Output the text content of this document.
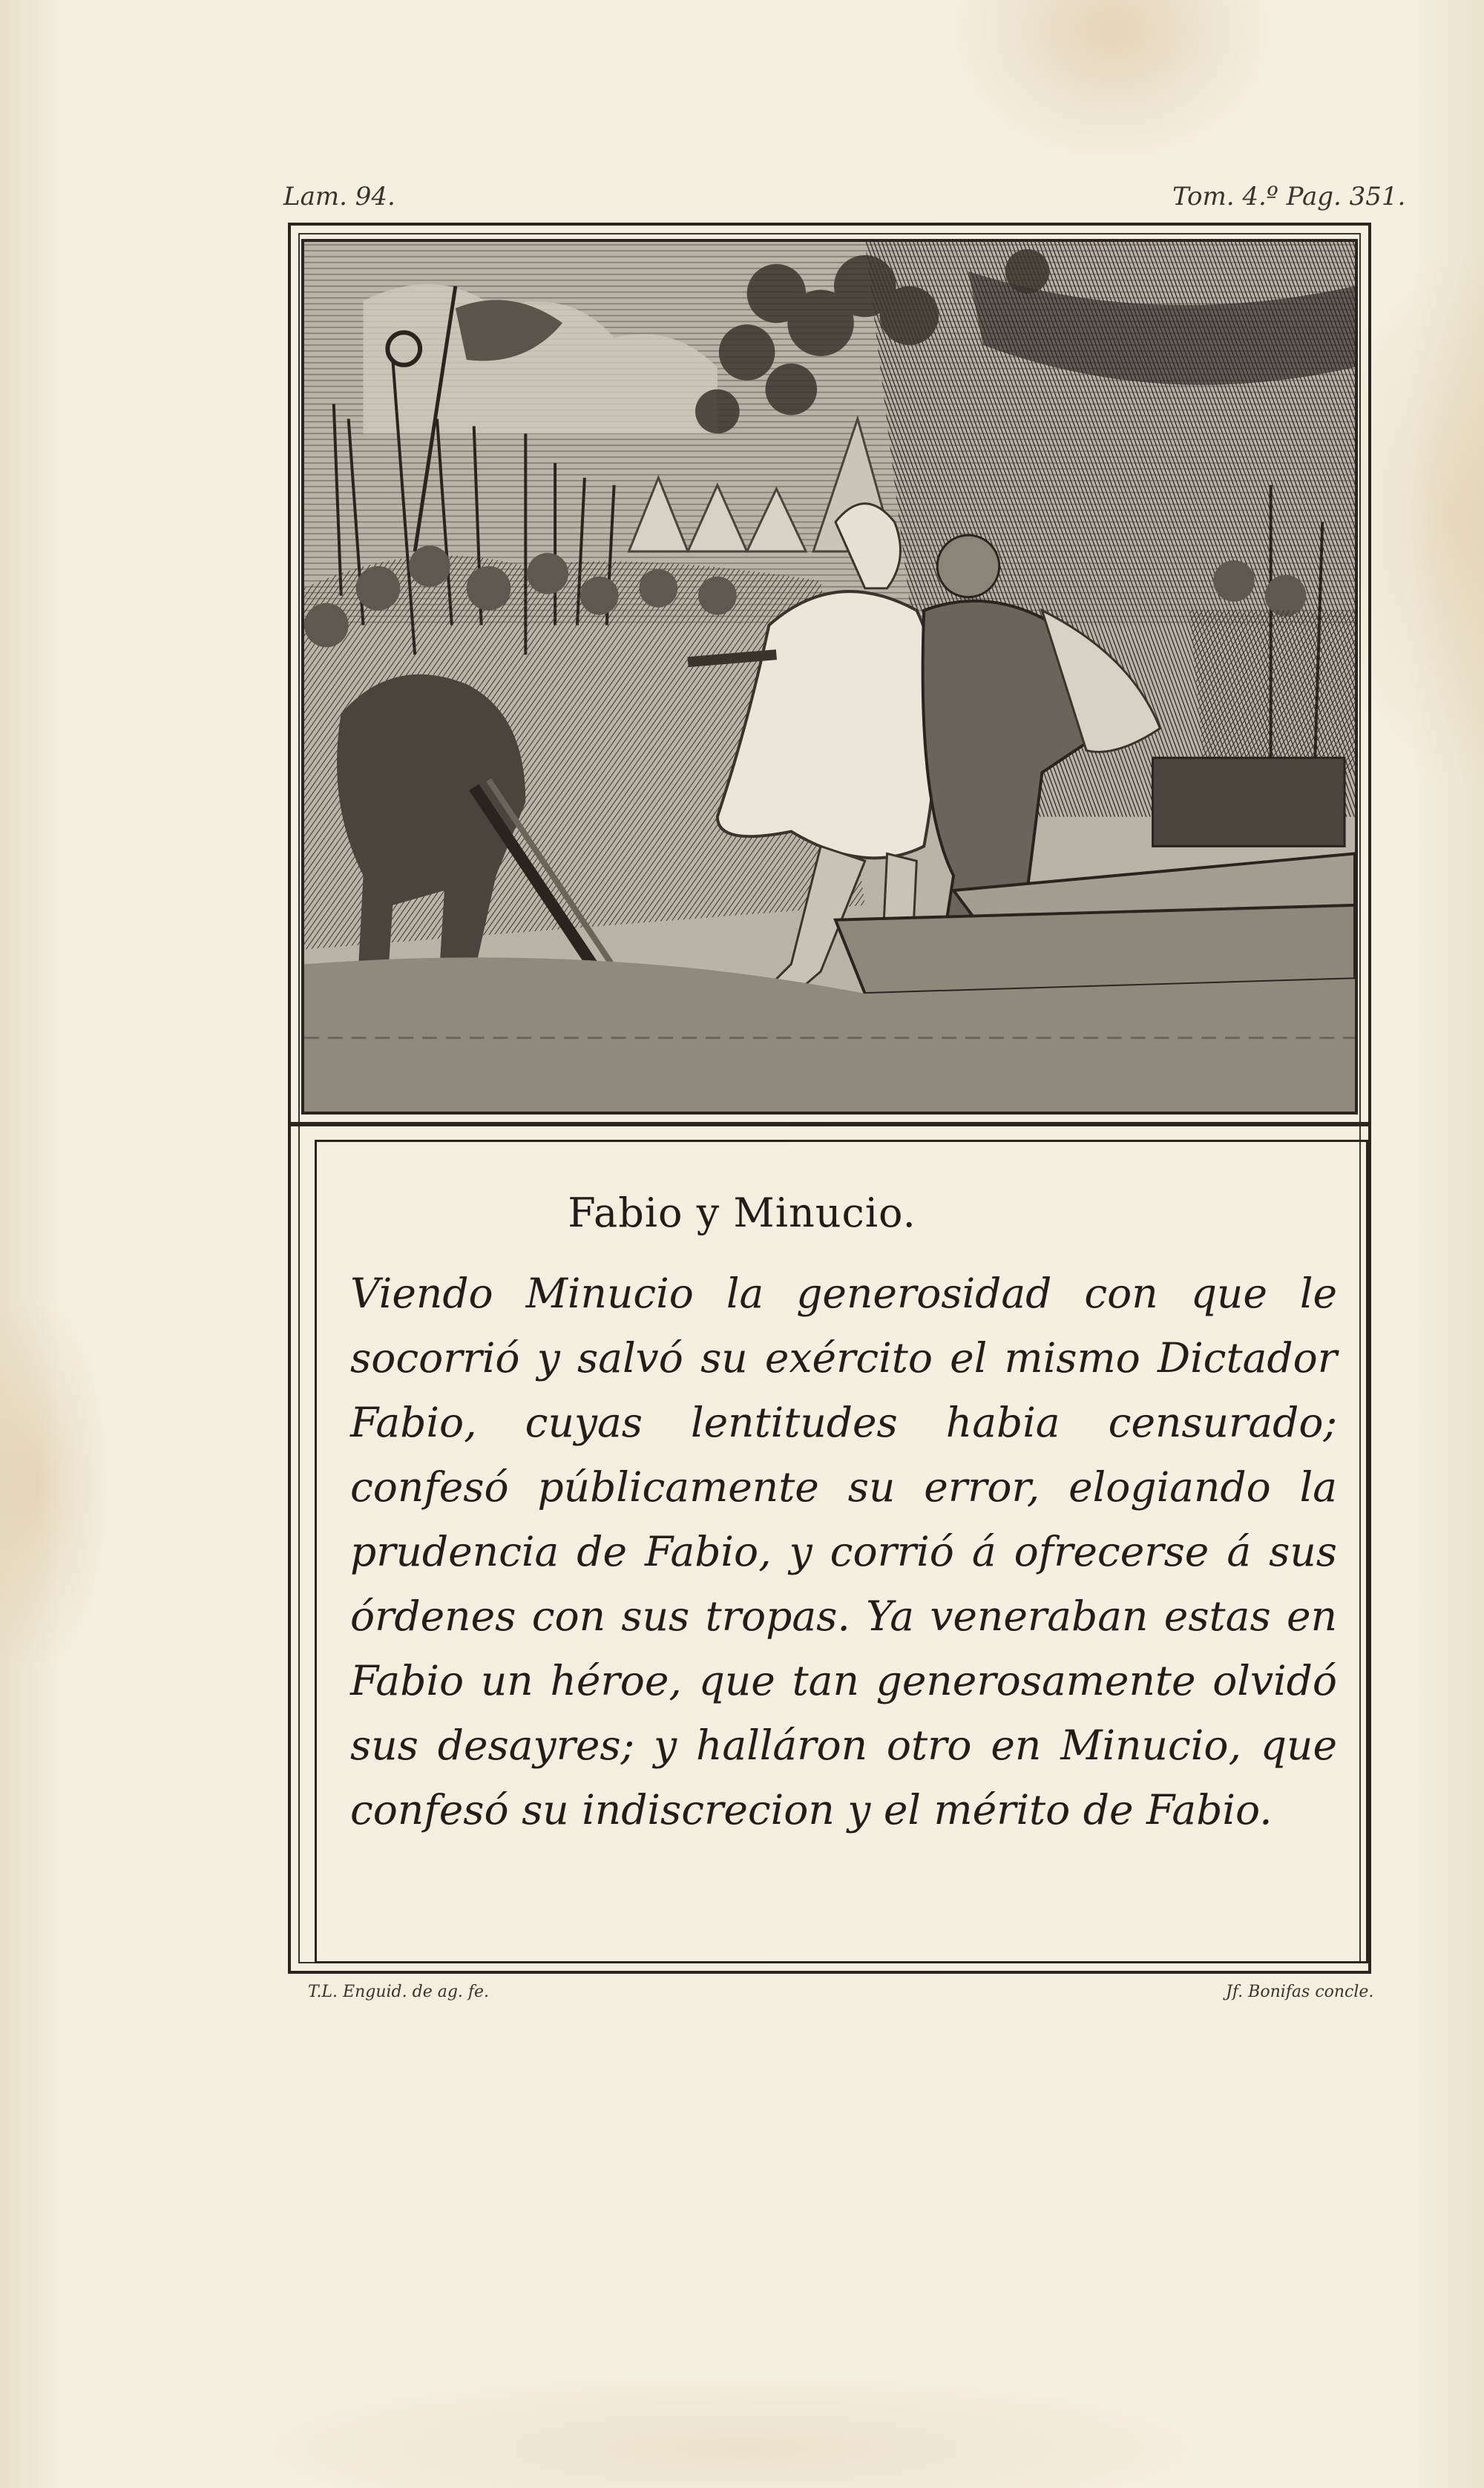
Lam. 94.	Tom. 4.º Pag. 351.
Fabio y Minucio.
Viendo Minucio la generosidad con que le socorrió y salvó su exército el mismo Dictador Fabio, cuyas lentitudes habia censurado; confesó públicamente su error, elogiando la prudencia de Fabio, y corrió á ofrecerse á sus órdenes con sus tropas. Ya veneraban estas en Fabio un héroe, que tan generosamente olvidó sus desayres; y halláron otro en Minucio, que confesó su indiscrecion y el mérito de Fabio.
T.L. Enguid. de ag. fe.	Jf. Bonifas concle.
